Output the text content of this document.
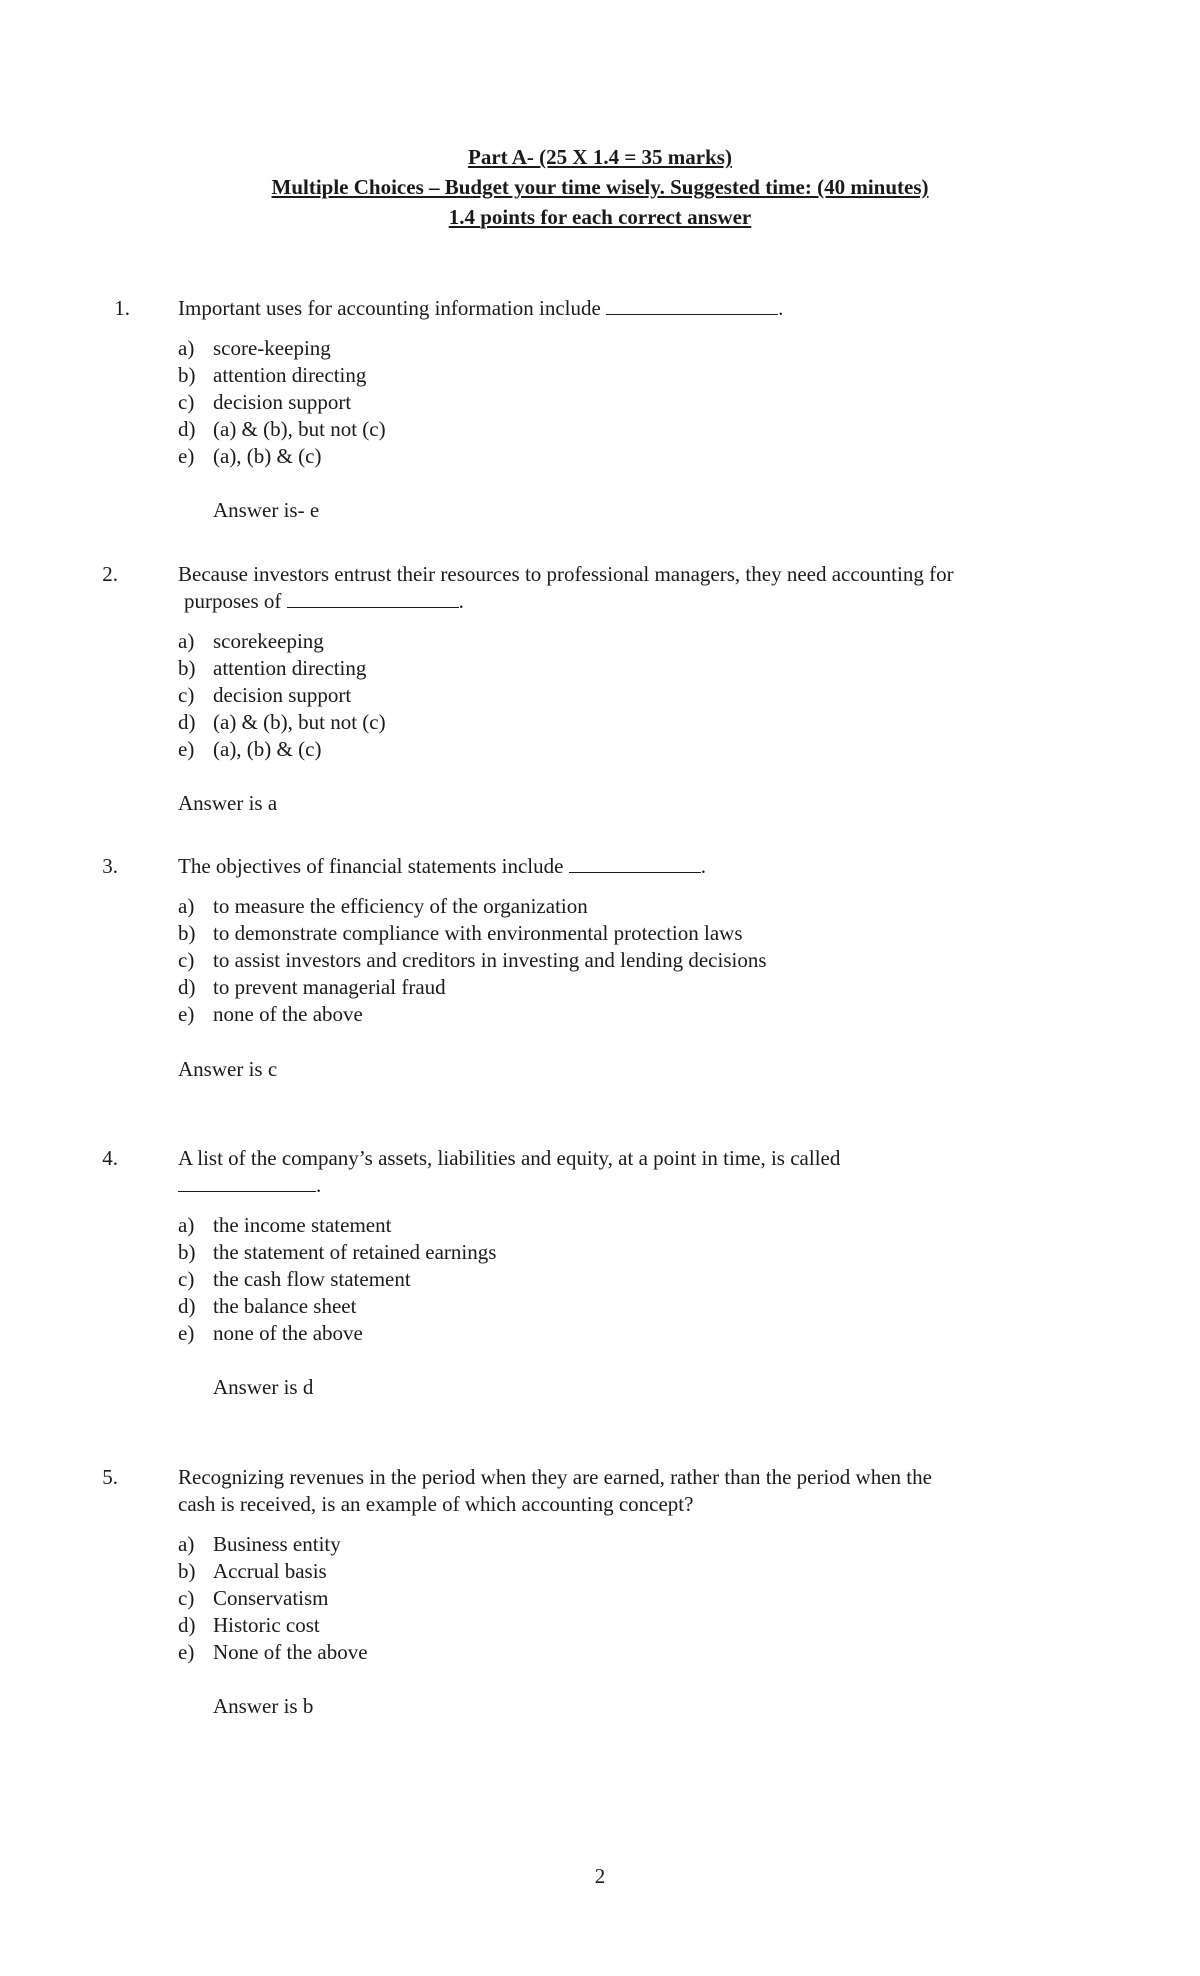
Part A- (25 X 1.4 = 35 marks)
Multiple Choices – Budget your time wisely. Suggested time: (40 minutes)
1.4 points for each correct answer
1. Important uses for accounting information include	.
a) score-keeping
b) attention directing
c) decision support
d) (a) & (b), but not (c)
e) (a), (b) & (c)
Answer is- e
2.	Because investors entrust their resources to professional managers, they need accounting for
purposes of	.
a) scorekeeping
b) attention directing
c) decision support
d) (a) & (b), but not (c)
e) (a), (b) & (c)
Answer is a
3.	The objectives of financial statements include	.
a) to measure the efficiency of the organization
b) to demonstrate compliance with environmental protection laws
c) to assist investors and creditors in investing and lending decisions
d) to prevent managerial fraud
e) none of the above
Answer is c
4.	A list of the company’s assets, liabilities and equity, at a point in time, is called
.
a) the income statement
b) the statement of retained earnings
c) the cash flow statement
d) the balance sheet
e) none of the above
Answer is d
5.	Recognizing revenues in the period when they are earned, rather than the period when the
cash is received, is an example of which accounting concept?
a) Business entity
b) Accrual basis
c) Conservatism
d) Historic cost
e) None of the above
Answer is b
2
